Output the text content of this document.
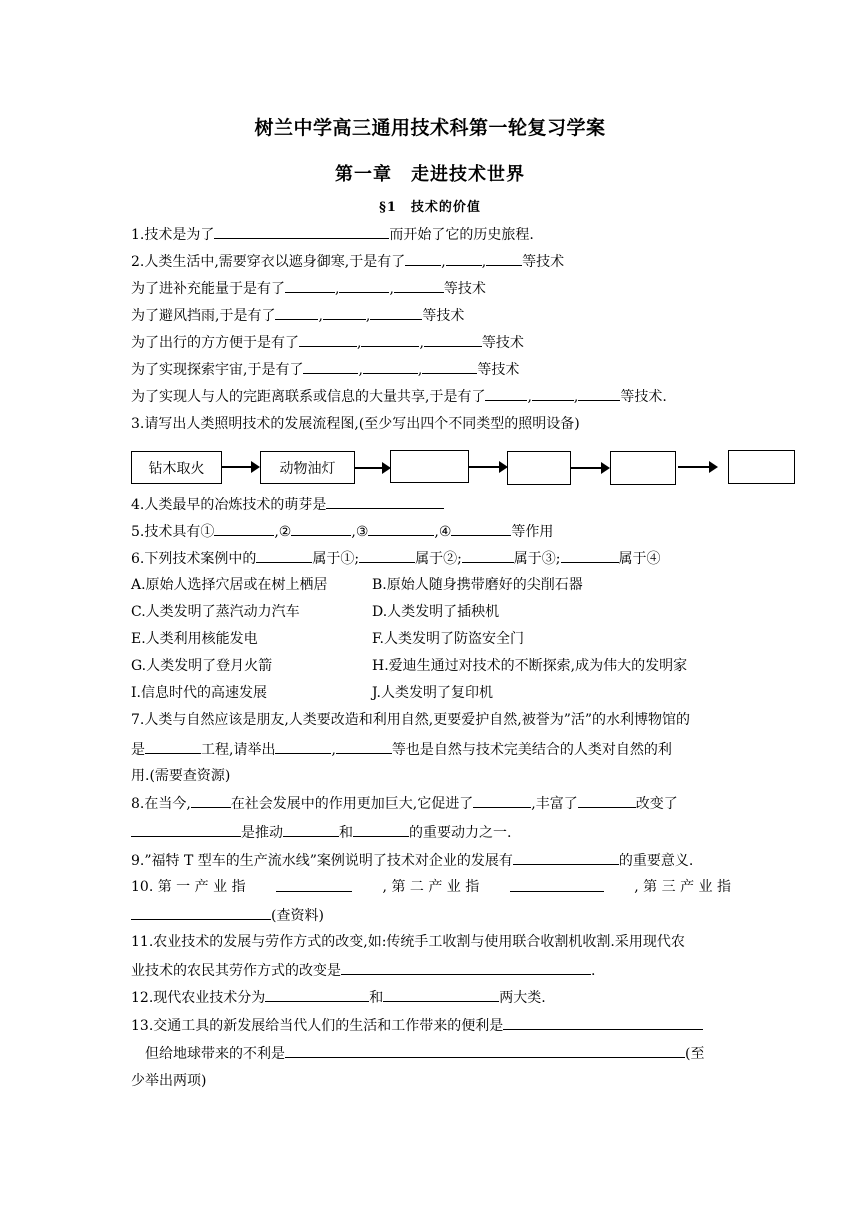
树兰中学高三通用技术科第一轮复习学案
第一章　走进技术世界
§1　技术的价值
1.技术是为了	而开始了它的历史旅程.
2.人类生活中,需要穿衣以遮身御寒,于是有了	,	,	等技术
为了进补充能量于是有了	,	,	等技术
为了避风挡雨,于是有了	,	,	等技术
为了出行的方方便于是有了	,	,	等技术
为了实现探索宇宙,于是有了	,	,	等技术
为了实现人与人的完距离联系或信息的大量共享,于是有了	,	,	等技术.
3.请写出人类照明技术的发展流程图,(至少写出四个不同类型的照明设备)
钻木取火	动物油灯
4.人类最早的冶炼技术的萌芽是
5.技术具有①	,②	,③	,④	等作用
6.下列技术案例中的	属于①;	属于②;	属于③;	属于④
A.原始人选择穴居或在树上栖居	B.原始人随身携带磨好的尖削石器
C.人类发明了蒸汽动力汽车	D.人类发明了插秧机
E.人类利用核能发电	F.人类发明了防盗安全门
G.人类发明了登月火箭	H.爱迪生通过对技术的不断探索,成为伟大的发明家
I.信息时代的高速发展	J.人类发明了复印机
7.人类与自然应该是朋友,人类要改造和利用自然,更要爱护自然,被誉为”活”的水利博物馆的
是	工程,请举出	,	等也是自然与技术完美结合的人类对自然的利
用.(需要查资源)
8.在当今,	在社会发展中的作用更加巨大,它促进了	,丰富了	改变了
是推动	和	的重要动力之一.
9.”福特 T 型车的生产流水线”案例说明了技术对企业的发展有	的重要意义.
10. 第 一 产 业 指	, 第 二 产 业 指	, 第 三 产 业 指
(查资料)
11.农业技术的发展与劳作方式的改变,如:传统手工收割与使用联合收割机收割.采用现代农
业技术的农民其劳作方式的改变是	.
12.现代农业技术分为	和	两大类.
13.交通工具的新发展给当代人们的生活和工作带来的便利是
但给地球带来的不利是	(至
少举出两项)
